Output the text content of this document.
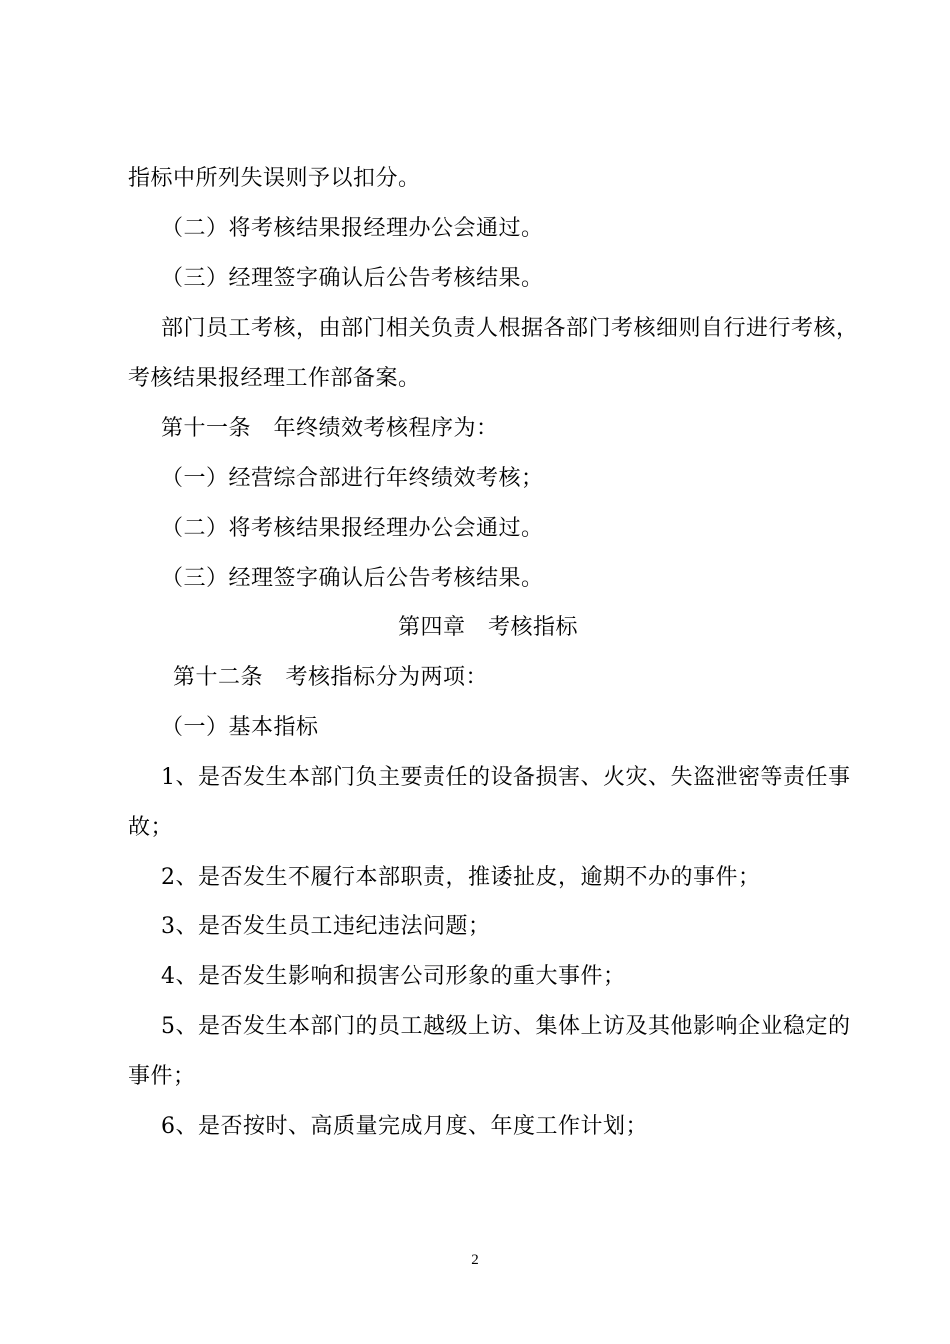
指标中所列失误则予以扣分。
（二）将考核结果报经理办公会通过。
（三）经理签字确认后公告考核结果。
部门员工考核，由部门相关负责人根据各部门考核细则自行进行考核，
考核结果报经理工作部备案。
第十一条　年终绩效考核程序为：
（一）经营综合部进行年终绩效考核；
（二）将考核结果报经理办公会通过。
（三）经理签字确认后公告考核结果。
第四章　考核指标
第十二条　考核指标分为两项：
（一）基本指标
1、是否发生本部门负主要责任的设备损害、火灾、失盗泄密等责任事
故；
2、是否发生不履行本部职责，推诿扯皮，逾期不办的事件；
3、是否发生员工违纪违法问题；
4、是否发生影响和损害公司形象的重大事件；
5、是否发生本部门的员工越级上访、集体上访及其他影响企业稳定的
事件；
6、是否按时、高质量完成月度、年度工作计划；
2
